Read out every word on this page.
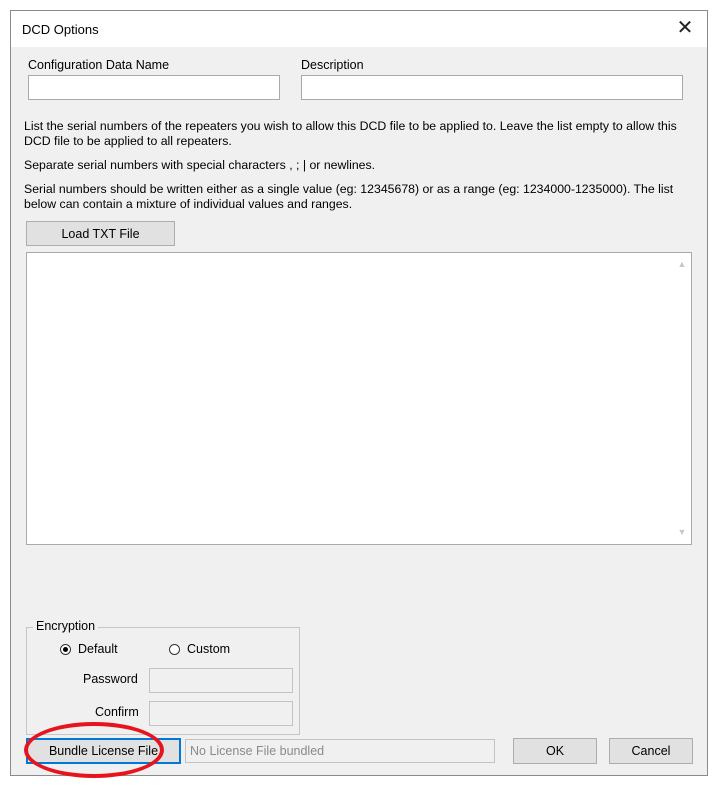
DCD Options	✕
Configuration Data Name	Description
List the serial numbers of the repeaters you wish to allow this DCD file to be applied to. Leave the list empty to allow this DCD file to be applied to all repeaters.
Separate serial numbers with special characters , ; | or newlines.
Serial numbers should be written either as a single value (eg: 12345678) or as a range (eg: 1234000-1235000). The list below can contain a mixture of individual values and ranges.
Load TXT File
▲
▼
Encryption
Default	Custom
Password
Confirm
Bundle License File	No License File bundled	OK	Cancel
